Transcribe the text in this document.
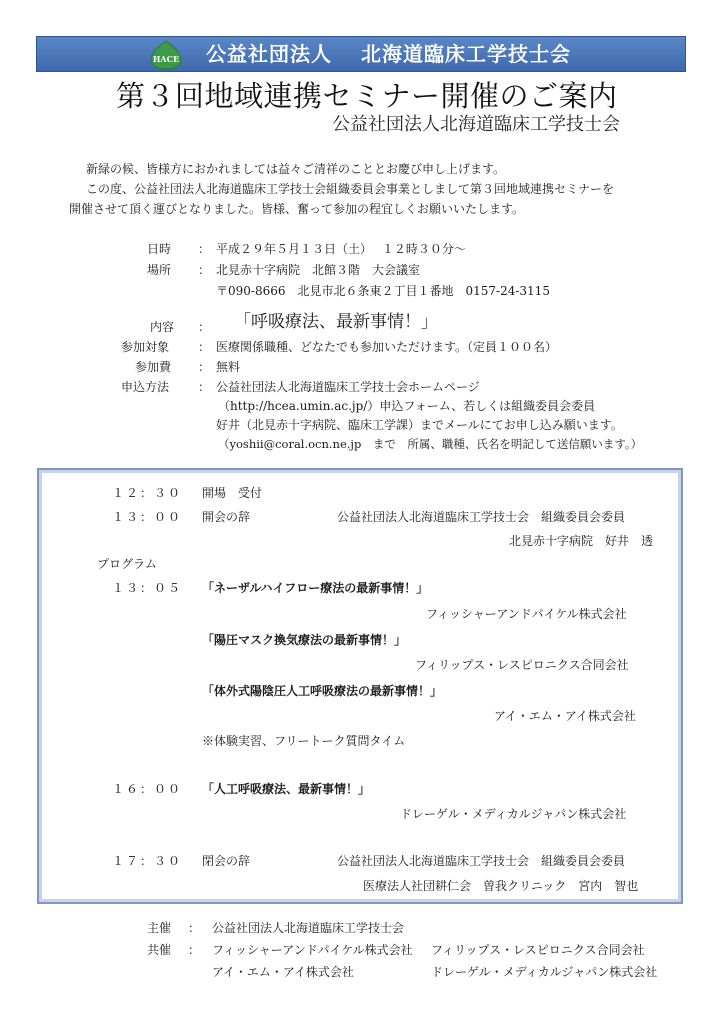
HACE 公益社団法人　 北海道臨床工学技士会
第３回地域連携セミナー開催のご案内
公益社団法人北海道臨床工学技士会
新緑の候、皆様方におかれましては益々ご清祥のこととお慶び申し上げます。
この度、公益社団法人北海道臨床工学技士会組織委員会事業としまして第３回地域連携セミナーを
開催させて頂く運びとなりました。皆様、奮って参加の程宜しくお願いいたします。
日時 ： 平成２９年５月１３日（土）　 １２時３０分～
場所 ： 北見赤十字病院　北館３階　大会議室
〒090-8666　北見市北６条東２丁目１番地　0157-24-3115
内容 ： 「呼吸療法、最新事情！」
参加対象 ： 医療関係職種、どなたでも参加いただけます。（定員１００名）
参加費 ： 無料
申込方法 ： 公益社団法人北海道臨床工学技士会ホームページ
（http://hcea.umin.ac.jp/）申込フォーム、若しくは組織委員会委員
好井（北見赤十字病院、臨床工学課）までメールにてお申し込み願います。
（yoshii@coral.ocn.ne.jp　まで　所属、職種、氏名を明記して送信願います。）
１２：３０ 開場　受付
１３：００ 開会の辞	公益社団法人北海道臨床工学技士会　組織委員会委員
北見赤十字病院　好井　透
プログラム
１３：０５ 「ネーザルハイフロー療法の最新事情！」
フィッシャーアンドパイケル株式会社
「陽圧マスク換気療法の最新事情！」
フィリップス・レスピロニクス合同会社
「体外式陽陰圧人工呼吸療法の最新事情！」
アイ・エム・アイ株式会社
※体験実習、フリートーク質問タイム
１６：００ 「人工呼吸療法、最新事情！」
ドレーゲル・メディカルジャパン株式会社
１７：３０ 閉会の辞	公益社団法人北海道臨床工学技士会　組織委員会委員
医療法人社団耕仁会　曽我クリニック　宮内　智也
主催 ： 公益社団法人北海道臨床工学技士会
共催 ： フィッシャーアンドパイケル株式会社 フィリップス・レスピロニクス合同会社
アイ・エム・アイ株式会社	ドレーゲル・メディカルジャパン株式会社
